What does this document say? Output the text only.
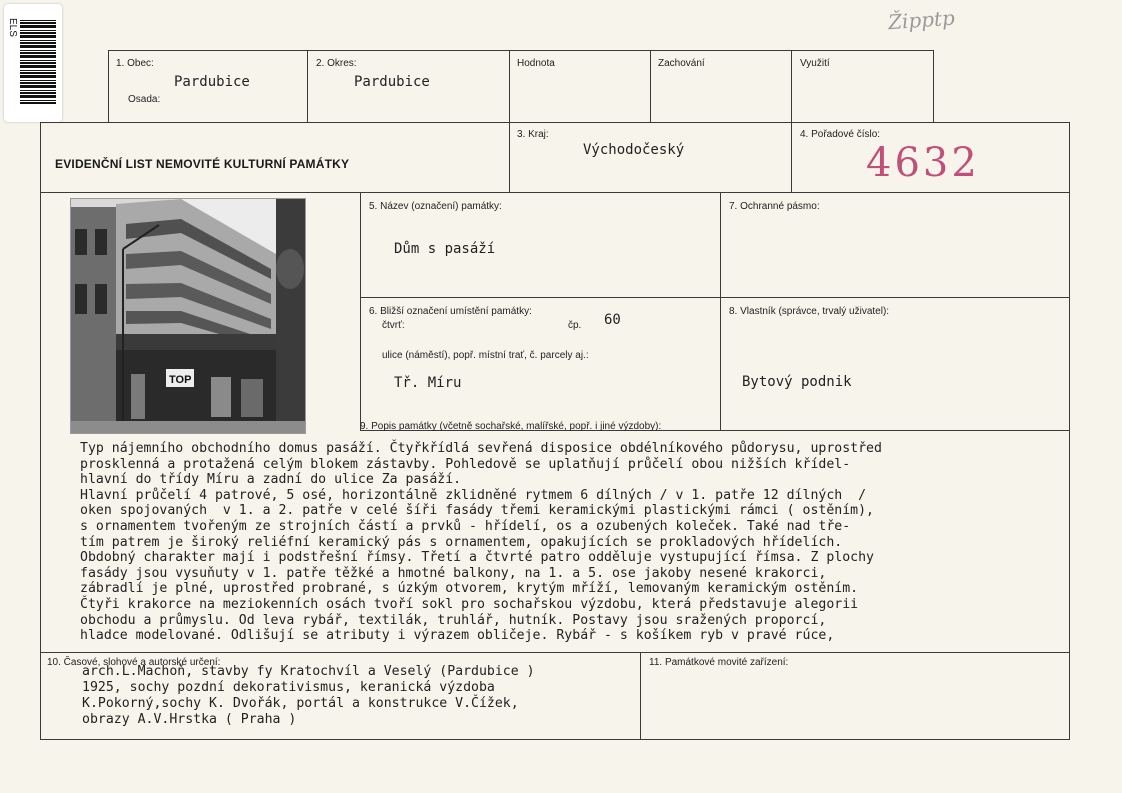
ELS	Žiррtр
1. Obec:
Pardubice
Osada:
2. Okres:
Pardubice
Hodnota	Zachování	Využití
EVIDENČNÍ LIST NEMOVITÉ KULTURNÍ PAMÁTKY
3. Kraj:
Východočeský
4. Pořadové číslo:
4632
5. Název (označení) památky:
Dům s pasáží
7. Ochranné pásmo:
6. Bližší označení umístění památky:
čtvrť:	čp. 60
ulice (náměstí), popř. místní trať, č. parcely aj.:
Tř. Míru
8. Vlastník (správce, trvalý uživatel):
Bytový podnik
9. Popis památky (včetně sochařské, malířské, popř. i jiné výzdoby):
Typ nájemního obchodního domus pasáží. Čtyřkřídlá sevřená disposice obdélníkového půdorysu, uprostřed
prosklenná a protažená celým blokem zástavby. Pohledově se uplatňují průčelí obou nižších křídel-
hlavní do třídy Míru a zadní do ulice Za pasáží.
Hlavní průčelí 4 patrové, 5 osé, horizontálně zklidněné rytmem 6 dílných / v 1. patře 12 dílných  /
oken spojovaných  v 1. a 2. patře v celé šíři fasády třemi keramickými plastickými rámci ( ostěním),
s ornamentem tvořeným ze strojních částí a prvků - hřídelí, os a ozubených koleček. Také nad tře-
tím patrem je široký reliéfní keramický pás s ornamentem, opakujících se prokladových hřídelích.
Obdobný charakter mají i podstřešní římsy. Třetí a čtvrté patro odděluje vystupující římsa. Z plochy
fasády jsou vysuňuty v 1. patře těžké a hmotné balkony, na 1. a 5. ose jakoby nesené krakorci,
zábradlí je plné, uprostřed probrané, s úzkým otvorem, krytým mříží, lemovaným keramickým ostěním.
Čtyři krakorce na meziokenních osách tvoří sokl pro sochařskou výzdobu, která představuje alegorii
obchodu a průmyslu. Od leva rybář, textilák, truhlář, hutník. Postavy jsou sražených proporcí,
hladce modelované. Odlišují se atributy i výrazem obličeje. Rybář - s košíkem ryb v pravé rúce,
10. Časové, slohové a autorské určení:	11. Památkové movité zařízení:
arch.L.Machoň, stavby fy Kratochvíl a Veselý (Pardubice )
1925, sochy pozdní dekorativismus, keranická výzdoba
K.Pokorný,sochy K. Dvořák, portál a konstrukce V.Čížek,
obrazy A.V.Hrstka ( Praha )
TOP
